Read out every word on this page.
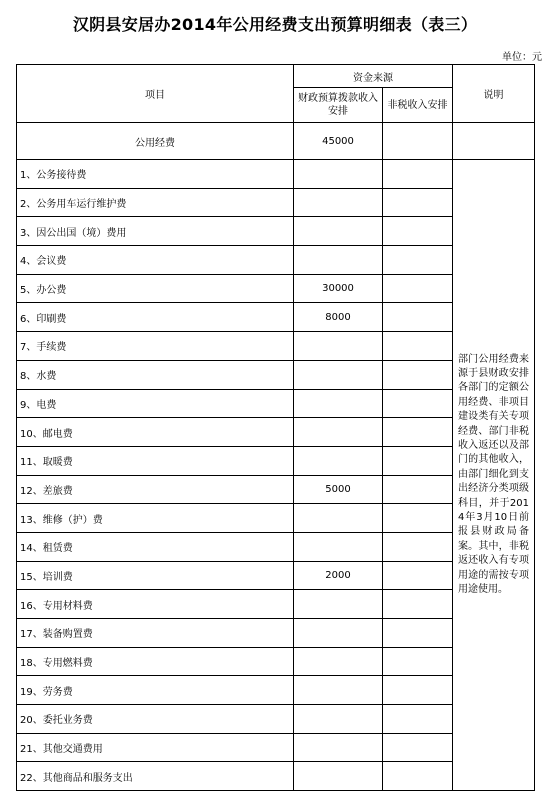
汉阴县安居办2014年公用经费支出预算明细表（表三）
单位：元
项目	资金来源		说明
	财政预算拨款收入安排	非税收入安排	
公用经费	45000		
1、公务接待费			部门公用经费来源于县财政安排各部门的定额公用经费、非项目建设类有关专项经费、部门非税收入返还以及部门的其他收入，由部门细化到支出经济分类项级科目，并于2014年3月10日前报县财政局备案。其中，非税返还收入有专项用途的需按专项用途使用。
2、公务用车运行维护费			
3、因公出国（境）费用			
4、会议费			
5、办公费	30000		
6、印刷费	8000		
7、手续费			
8、水费			
9、电费			
10、邮电费			
11、取暖费			
12、差旅费	5000		
13、维修（护）费			
14、租赁费			
15、培训费	2000		
16、专用材料费			
17、装备购置费			
18、专用燃料费			
19、劳务费			
20、委托业务费			
21、其他交通费用			
22、其他商品和服务支出			
